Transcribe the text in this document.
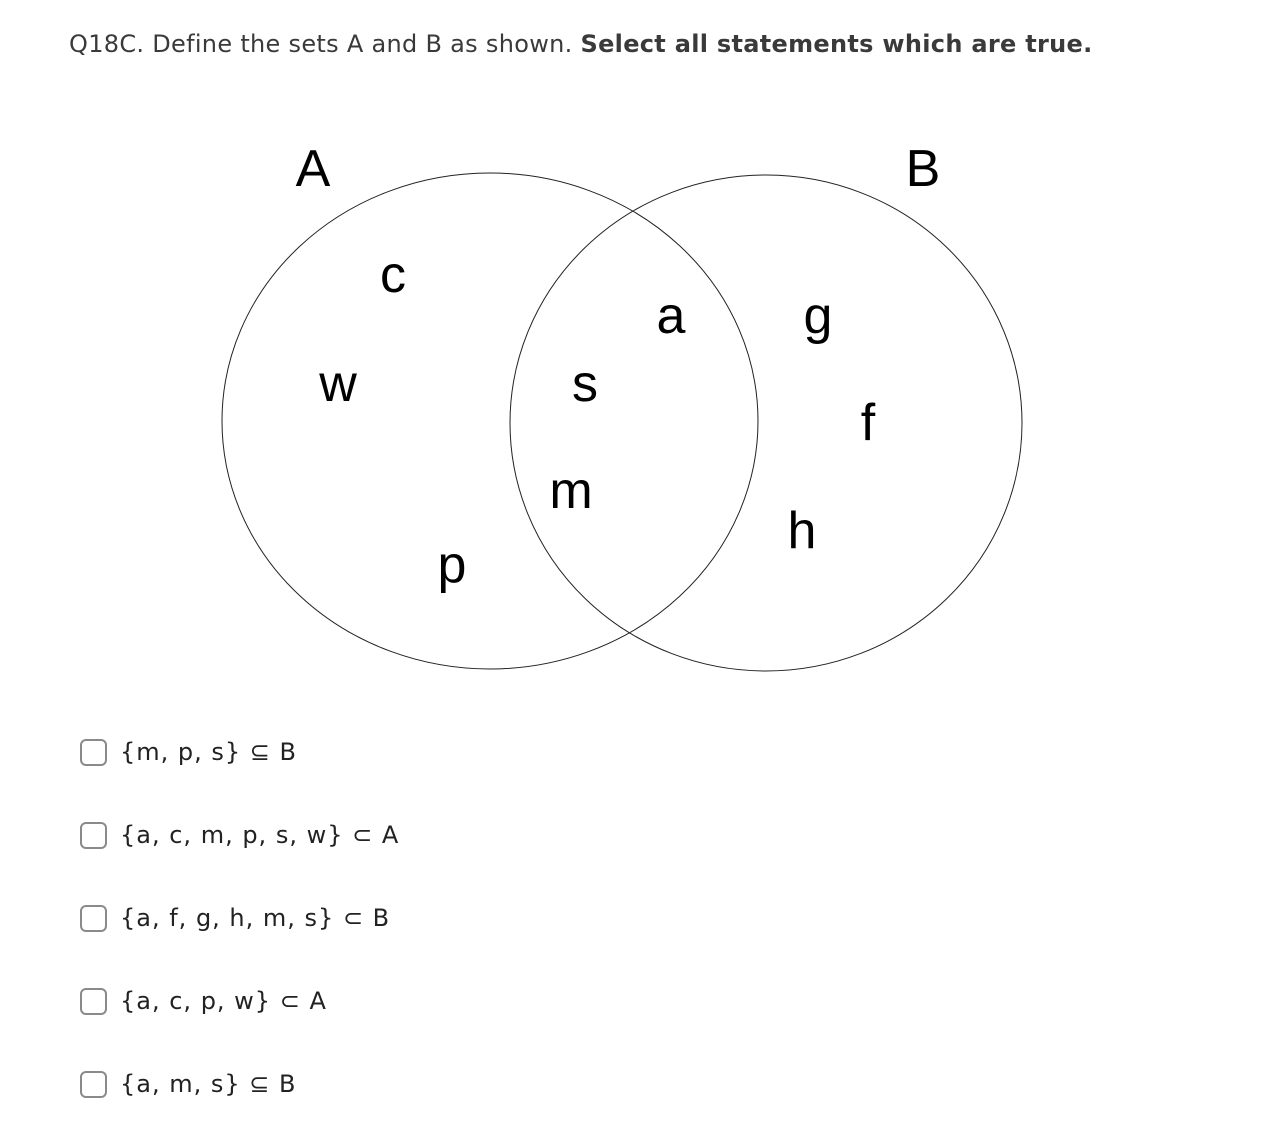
Q18C. Define the sets A and B as shown. Select all statements which are true.
A	B
c
w
p
a
s
m
g
f
h
{m, p, s} ⊆ B
{a, c, m, p, s, w} ⊂ A
{a, f, g, h, m, s} ⊂ B
{a, c, p, w} ⊂ A
{a, m, s} ⊆ B
